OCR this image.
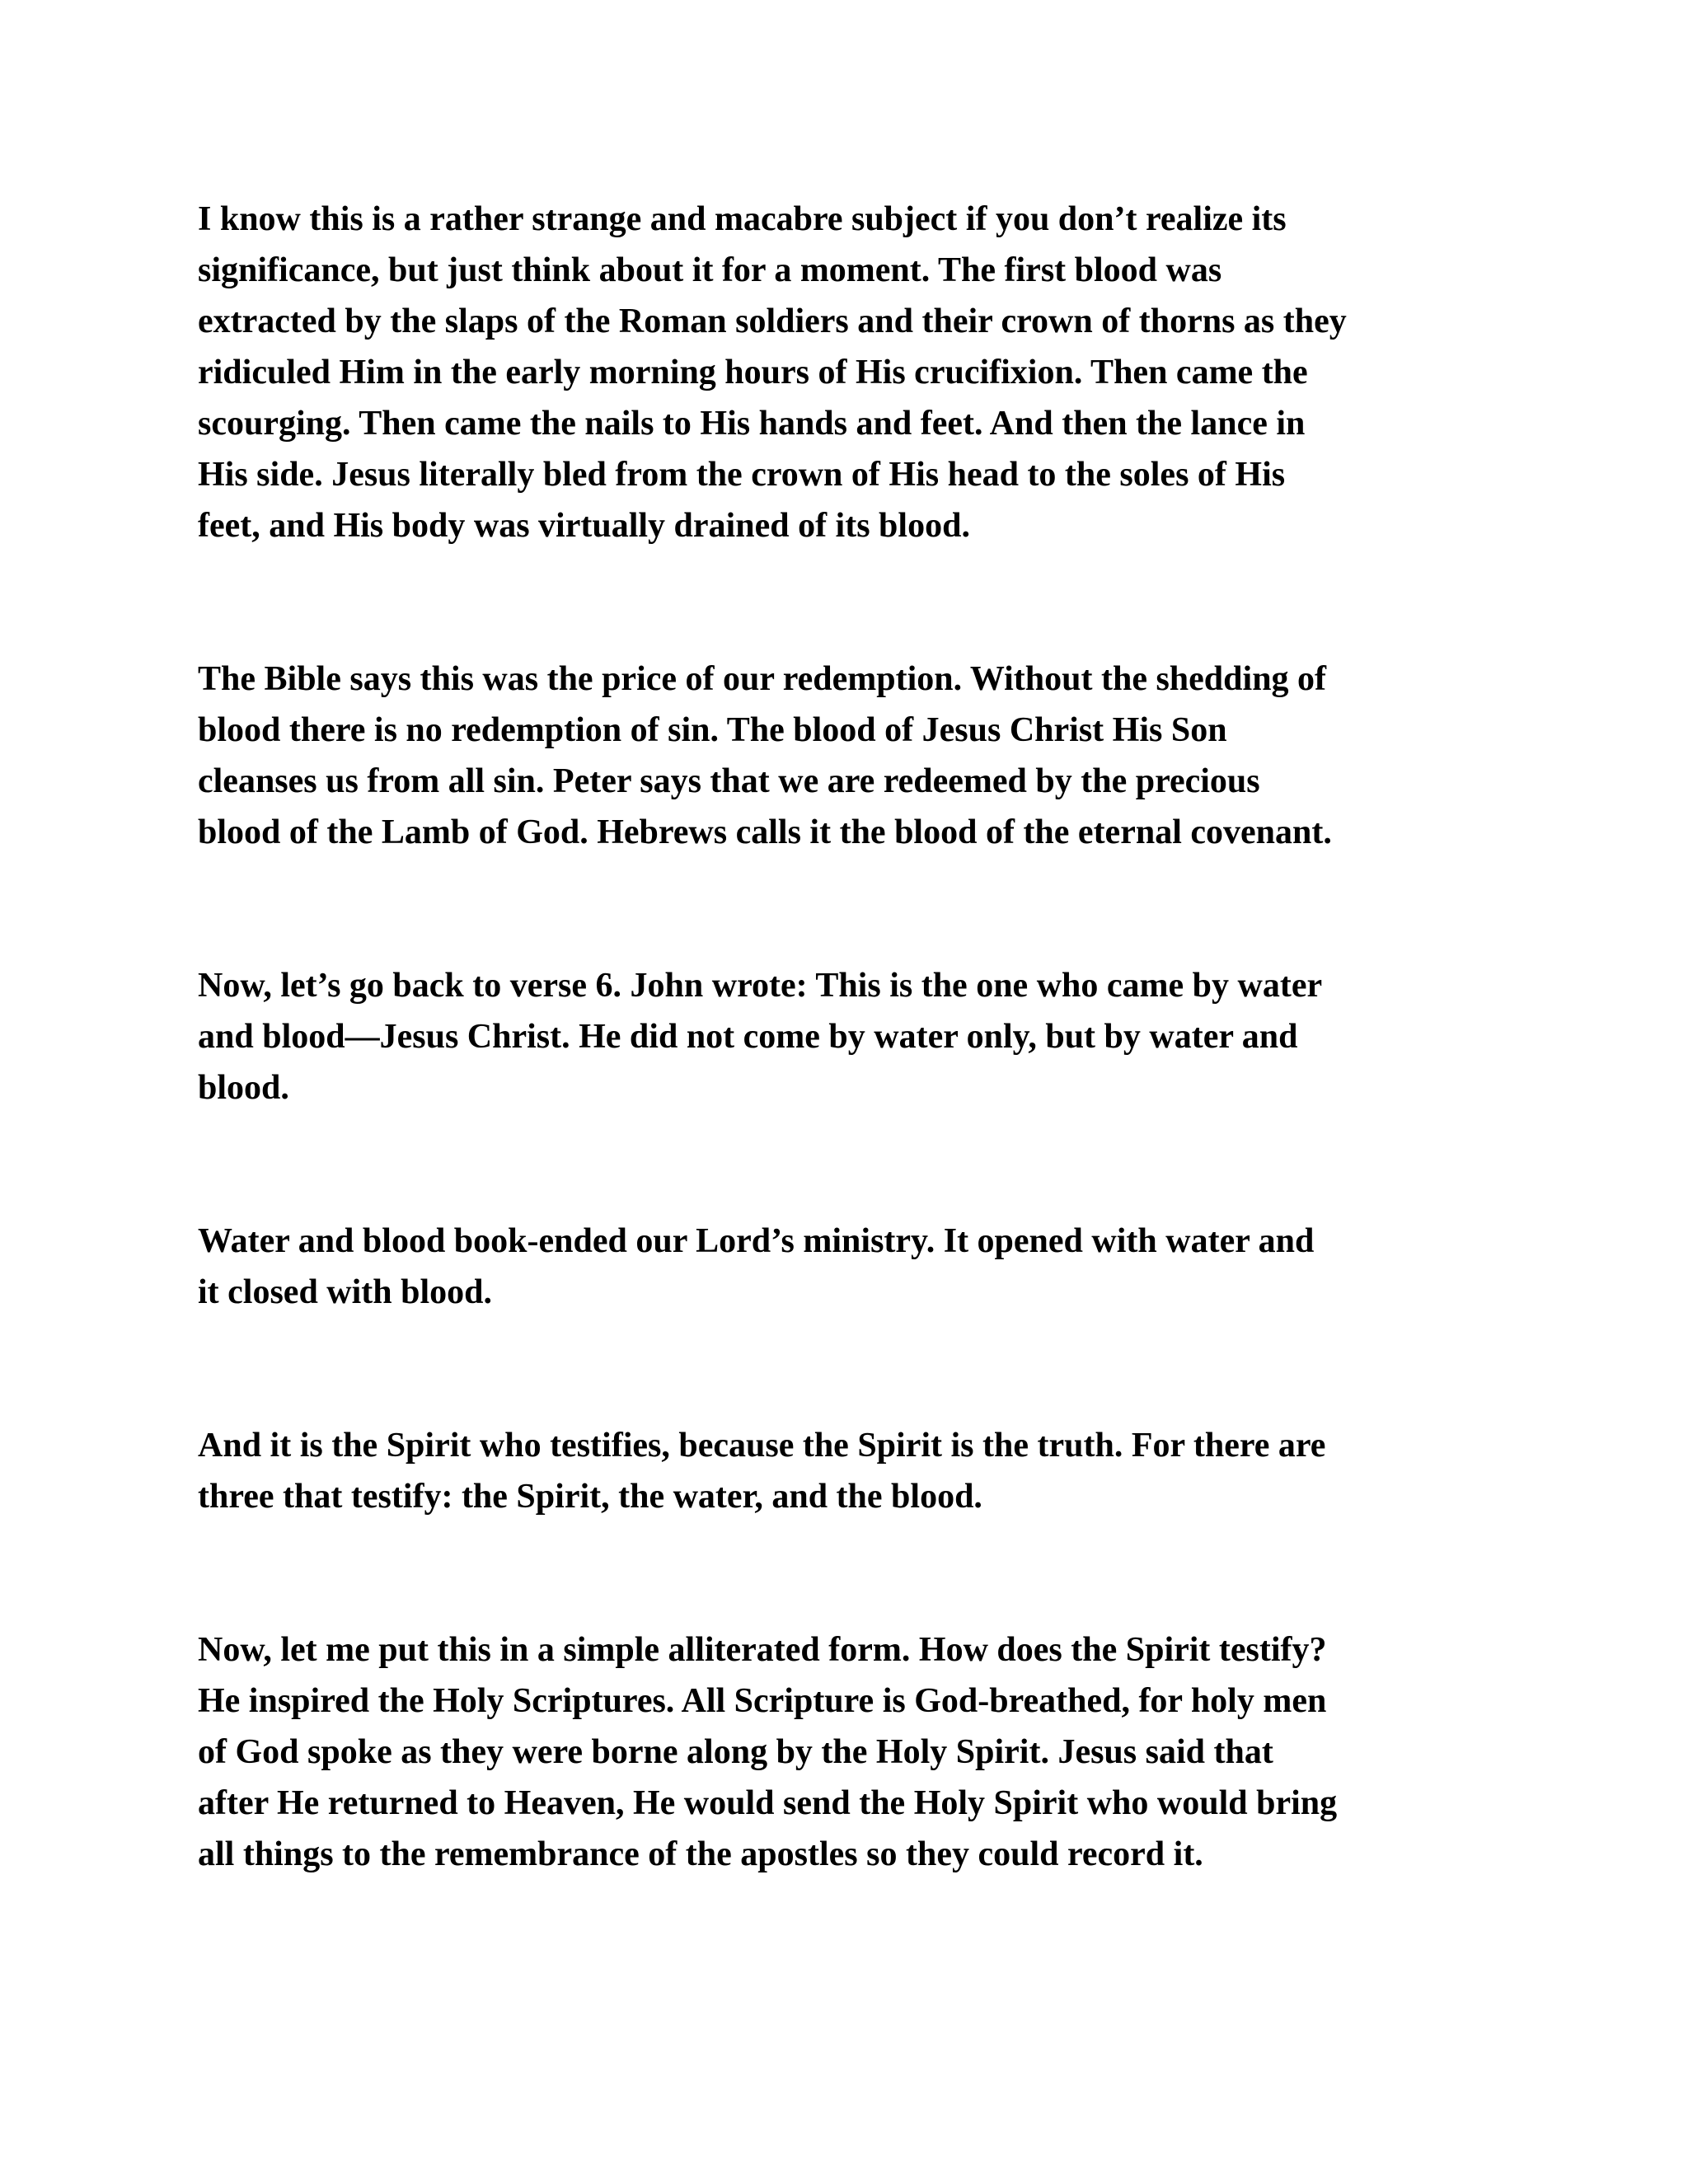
I know this is a rather strange and macabre subject if you don’t realize its
significance, but just think about it for a moment. The first blood was
extracted by the slaps of the Roman soldiers and their crown of thorns as they
ridiculed Him in the early morning hours of His crucifixion. Then came the
scourging. Then came the nails to His hands and feet. And then the lance in
His side. Jesus literally bled from the crown of His head to the soles of His
feet, and His body was virtually drained of its blood.

The Bible says this was the price of our redemption. Without the shedding of
blood there is no redemption of sin. The blood of Jesus Christ His Son
cleanses us from all sin. Peter says that we are redeemed by the precious
blood of the Lamb of God. Hebrews calls it the blood of the eternal covenant.

Now, let’s go back to verse 6. John wrote: This is the one who came by water
and blood—Jesus Christ. He did not come by water only, but by water and
blood.

Water and blood book-ended our Lord’s ministry. It opened with water and
it closed with blood.

And it is the Spirit who testifies, because the Spirit is the truth. For there are
three that testify: the Spirit, the water, and the blood.

Now, let me put this in a simple alliterated form. How does the Spirit testify?
He inspired the Holy Scriptures. All Scripture is God-breathed, for holy men
of God spoke as they were borne along by the Holy Spirit. Jesus said that
after He returned to Heaven, He would send the Holy Spirit who would bring
all things to the remembrance of the apostles so they could record it.
